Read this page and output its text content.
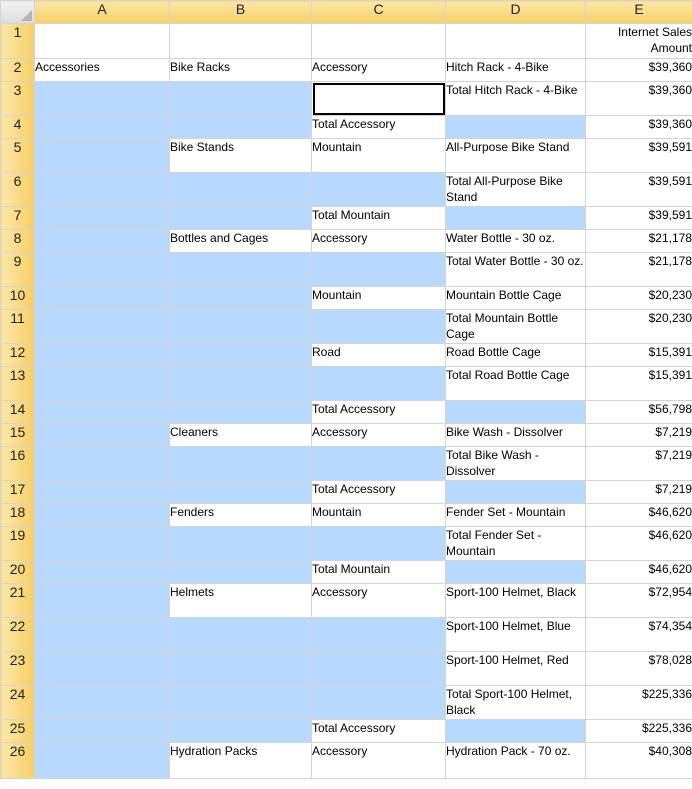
	A	B	C	D	E
1					Internet Sales Amount
2	Accessories	Bike Racks	Accessory	Hitch Rack - 4-Bike	$39,360
3				Total Hitch Rack - 4-Bike	$39,360
4			Total Accessory		$39,360
5		Bike Stands	Mountain	All-Purpose Bike Stand	$39,591
6				Total All-Purpose Bike Stand	$39,591
7			Total Mountain		$39,591
8		Bottles and Cages	Accessory	Water Bottle - 30 oz.	$21,178
9				Total Water Bottle - 30 oz.	$21,178
10			Mountain	Mountain Bottle Cage	$20,230
11				Total Mountain Bottle Cage	$20,230
12			Road	Road Bottle Cage	$15,391
13				Total Road Bottle Cage	$15,391
14			Total Accessory		$56,798
15		Cleaners	Accessory	Bike Wash - Dissolver	$7,219
16				Total Bike Wash - Dissolver	$7,219
17			Total Accessory		$7,219
18		Fenders	Mountain	Fender Set - Mountain	$46,620
19				Total Fender Set - Mountain	$46,620
20			Total Mountain		$46,620
21		Helmets	Accessory	Sport-100 Helmet, Black	$72,954
22				Sport-100 Helmet, Blue	$74,354
23				Sport-100 Helmet, Red	$78,028
24				Total Sport-100 Helmet, Black	$225,336
25			Total Accessory		$225,336
26		Hydration Packs	Accessory	Hydration Pack - 70 oz.	$40,308
